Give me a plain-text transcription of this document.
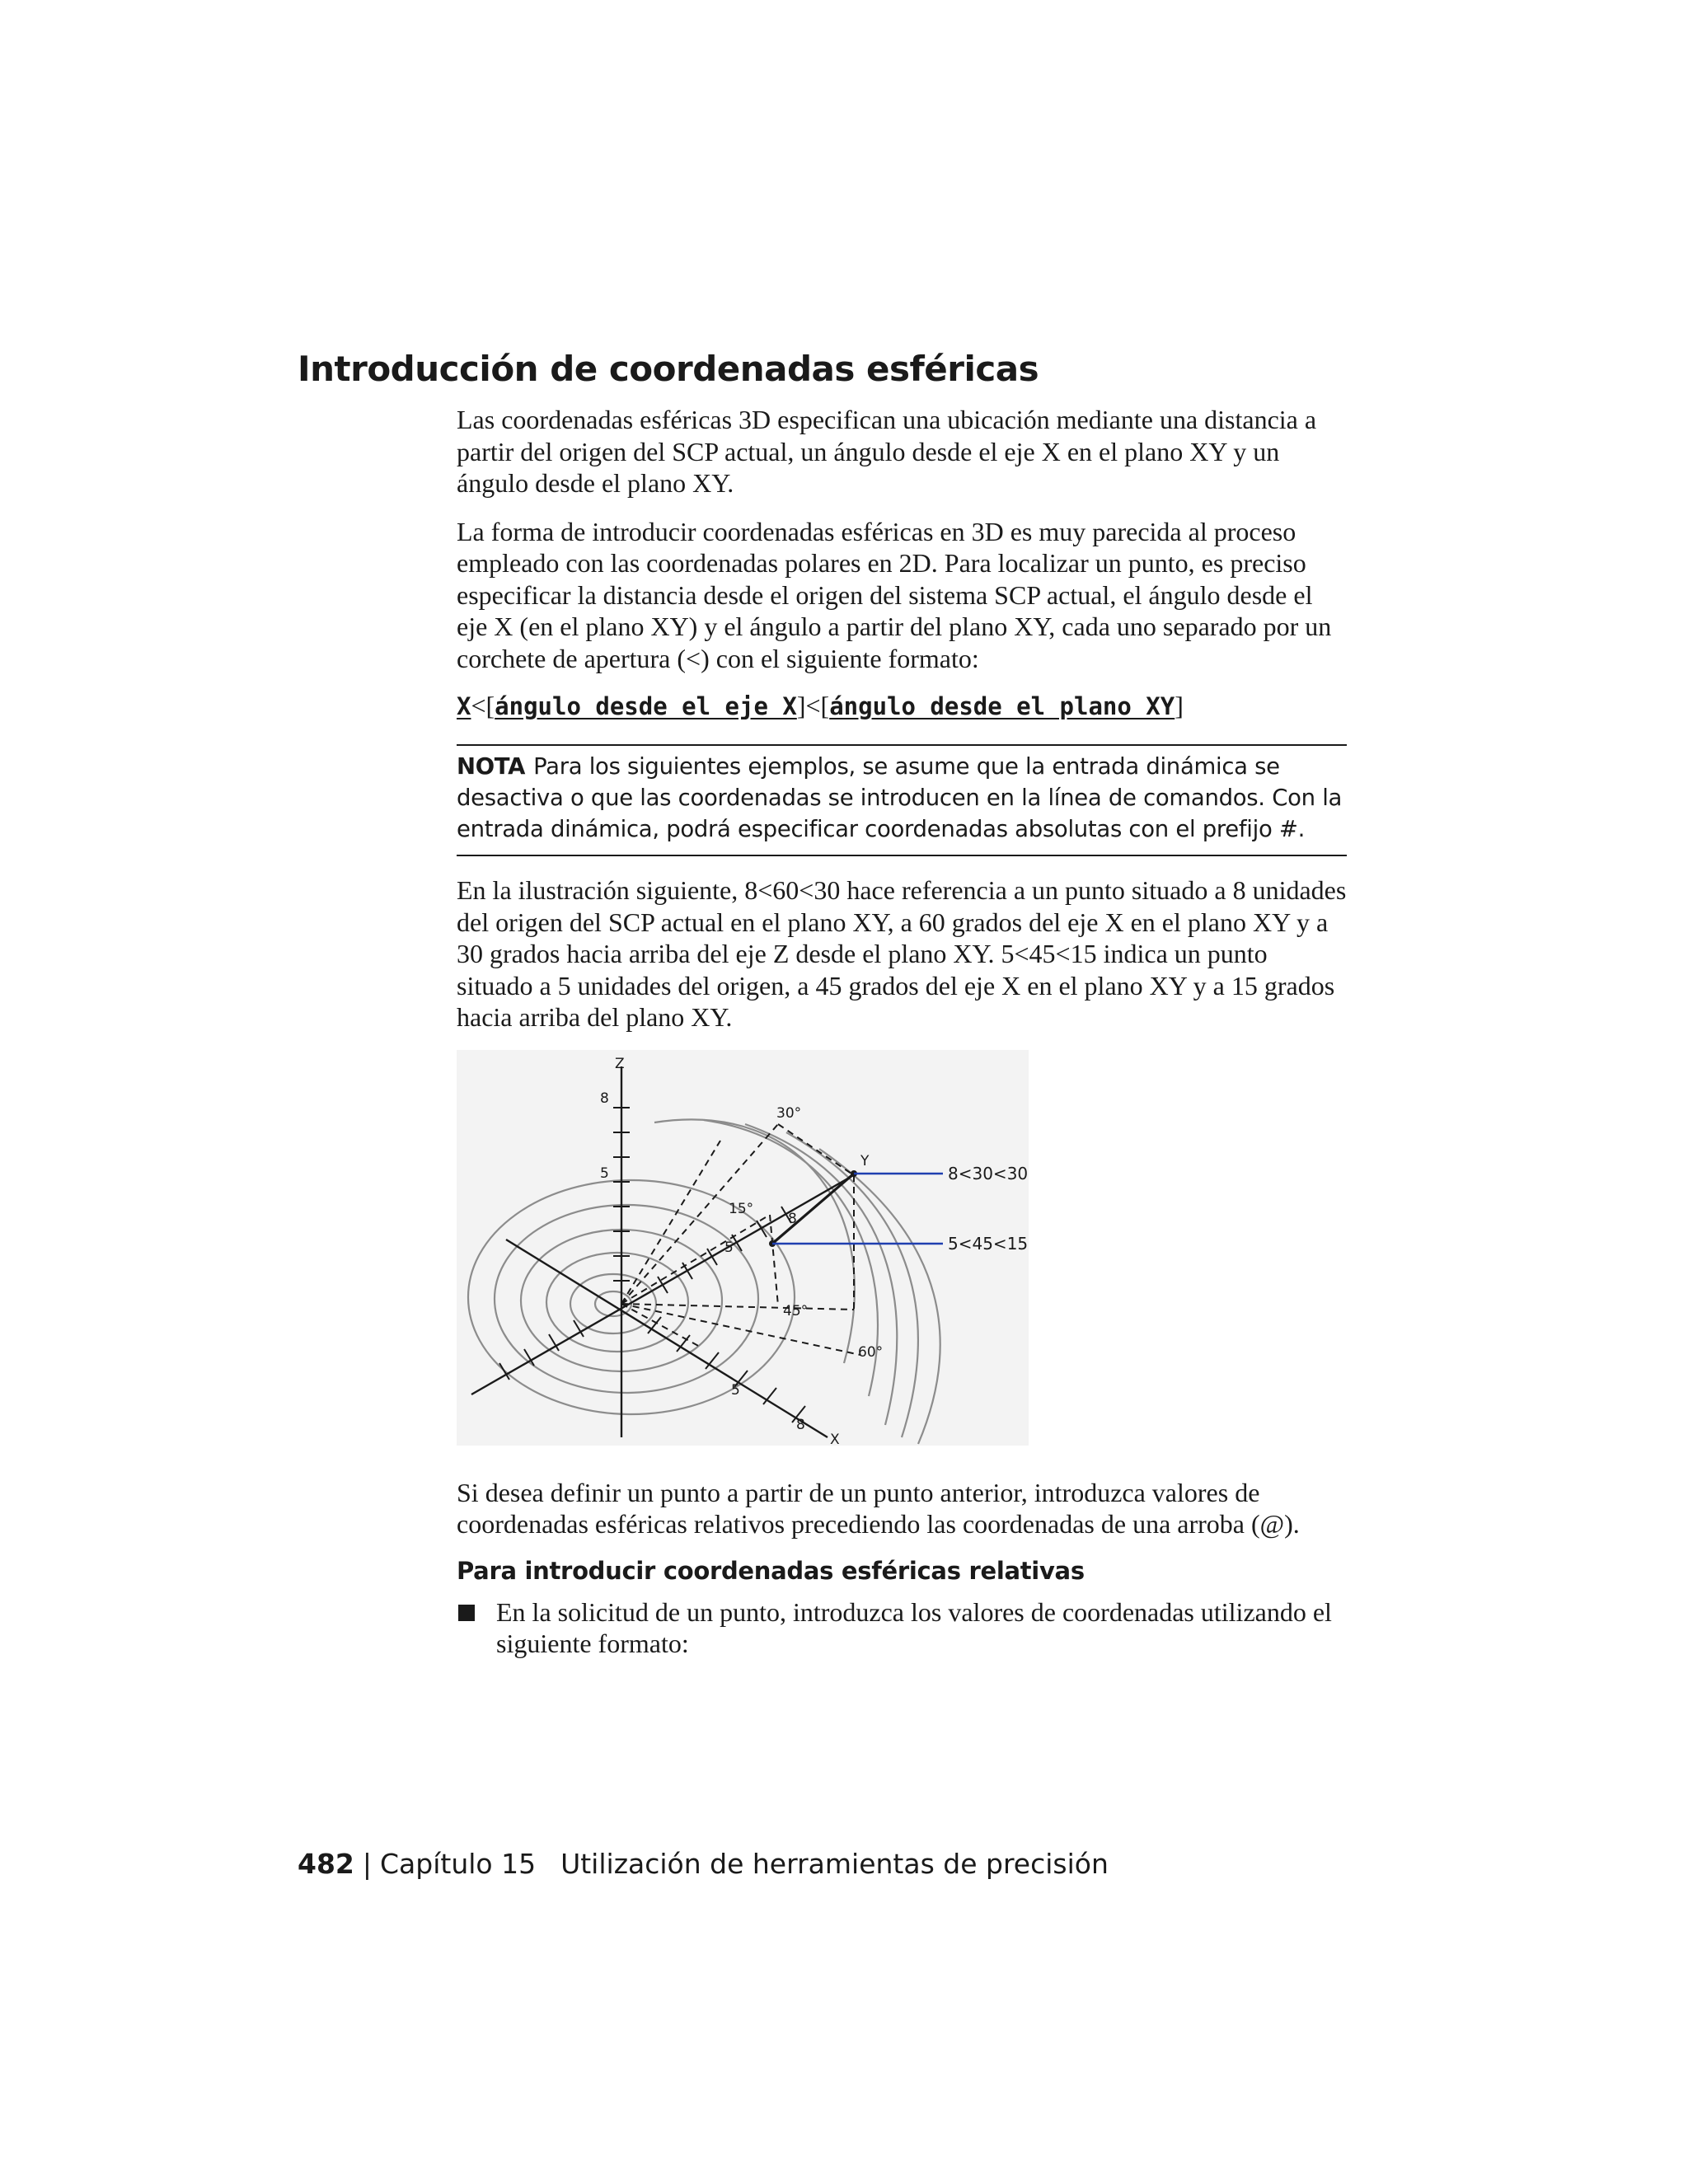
Introducción de coordenadas esféricas

Las coordenadas esféricas 3D especifican una ubicación mediante una distancia a partir del origen del SCP actual, un ángulo desde el eje X en el plano XY y un ángulo desde el plano XY.

La forma de introducir coordenadas esféricas en 3D es muy parecida al proceso empleado con las coordenadas polares en 2D. Para localizar un punto, es preciso especificar la distancia desde el origen del sistema SCP actual, el ángulo desde el eje X (en el plano XY) y el ángulo a partir del plano XY, cada uno separado por un corchete de apertura (<) con el siguiente formato:

X<[ángulo desde el eje X]<[ángulo desde el plano XY]
NOTA Para los siguientes ejemplos, se asume que la entrada dinámica se desactiva o que las coordenadas se introducen en la línea de comandos. Con la entrada dinámica, podrá especificar coordenadas absolutas con el prefijo #.

En la ilustración siguiente, 8<60<30 hace referencia a un punto situado a 8 unidades del origen del SCP actual en el plano XY, a 60 grados del eje X en el plano XY y a 30 grados hacia arriba del eje Z desde el plano XY. 5<45<15 indica un punto situado a 5 unidades del origen, a 45 grados del eje X en el plano XY y a 15 grados hacia arriba del plano XY.

Z
X
Y
8
5
5
8
8
5
30°
15°
45°
60°
8<30<30
5<45<15

Si desea definir un punto a partir de un punto anterior, introduzca valores de coordenadas esféricas relativos precediendo las coordenadas de una arroba (@).

Para introducir coordenadas esféricas relativas

En la solicitud de un punto, introduzca los valores de coordenadas utilizando el siguiente formato:

482 | Capítulo 15 Utilización de herramientas de precisión
